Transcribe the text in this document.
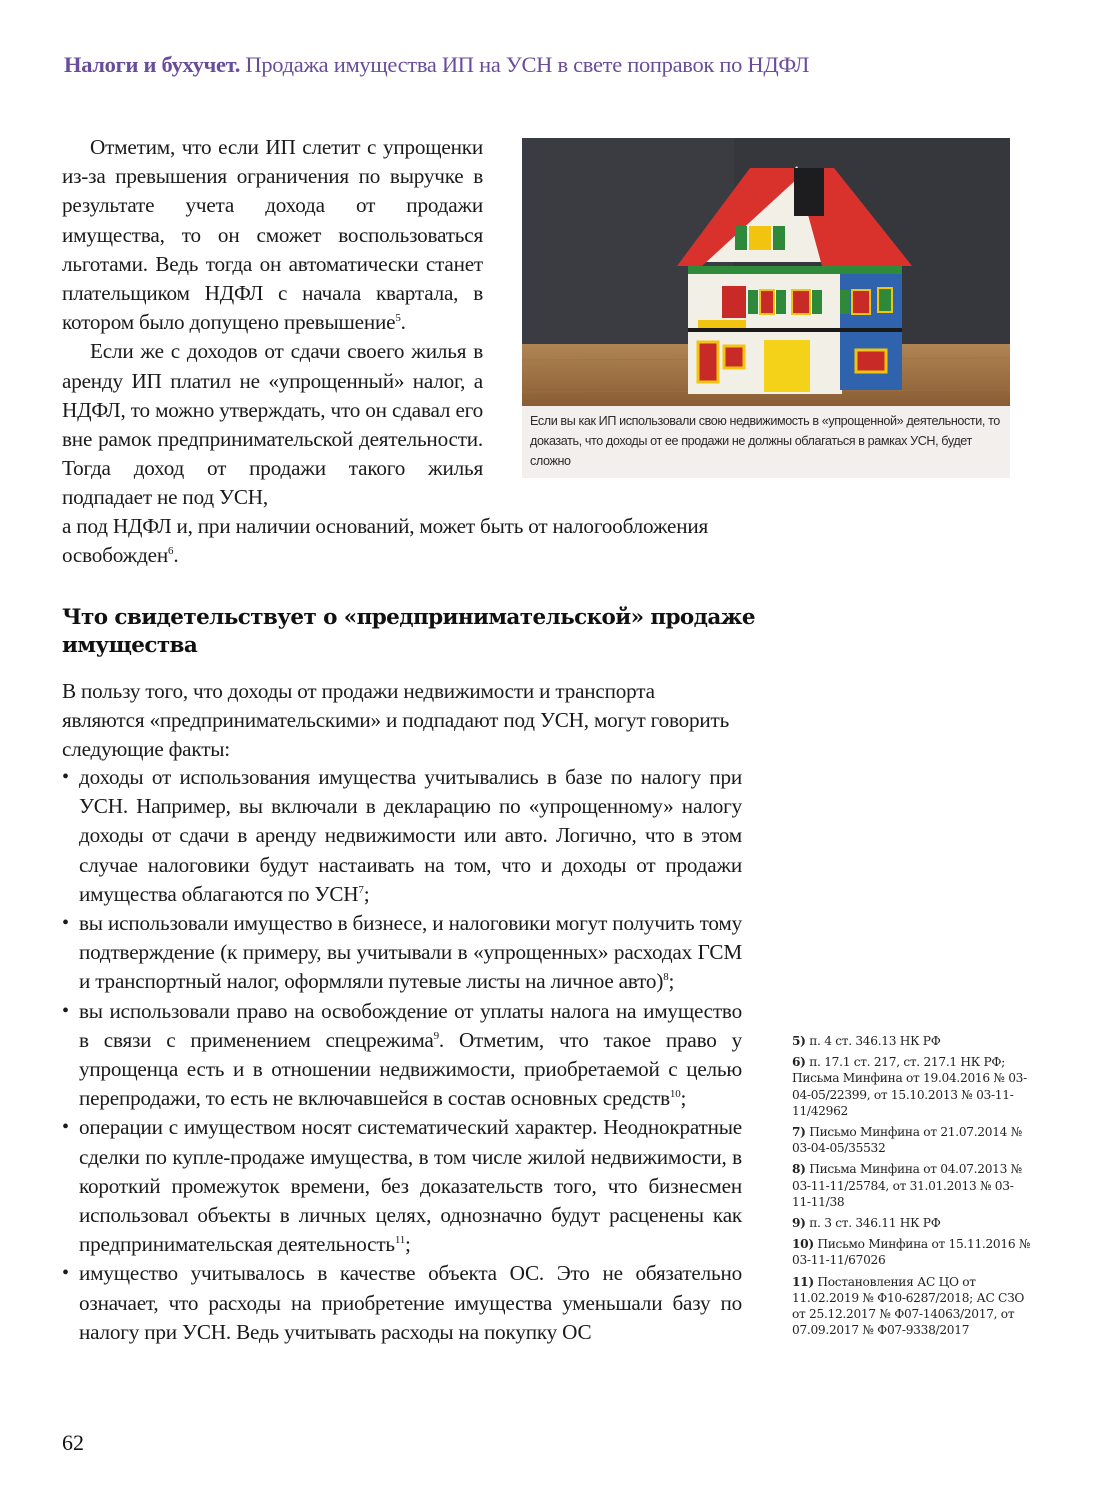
Налоги и бухучет. Продажа имущества ИП на УСН в свете поправок по НДФЛ

Отметим, что если ИП слетит с упрощенки из-за превышения ограничения по выручке в результате учета дохода от продажи имущества, то он сможет воспользоваться льготами. Ведь тогда он автоматически станет плательщиком НДФЛ с начала квартала, в котором было допущено превышение$^5$.

Если же с доходов от сдачи своего жилья в аренду ИП платил не «упрощенный» налог, а НДФЛ, то можно утверждать, что он сдавал его вне рамок предпринимательской деятельности. Тогда доход от продажи такого жилья подпадает не под УСН,

а под НДФЛ и, при наличии оснований, может быть от налогообложения освобожден$^6$.

Если вы как ИП использовали свою недвижимость в «упрощенной» деятельности, то доказать, что доходы от ее продажи не должны облагаться в рамках УСН, будет сложно
Что свидетельствует о «предпринимательской» продаже имущества

В пользу того, что доходы от продажи недвижимости и транспорта являются «предпринимательскими» и подпадают под УСН, могут говорить следующие факты:

• доходы от использования имущества учитывались в базе по налогу при УСН. Например, вы включали в декларацию по «упрощенному» налогу доходы от сдачи в аренду недвижимости или авто. Логично, что в этом случае налоговики будут настаивать на том, что и доходы от продажи имущества облагаются по УСН$^7$;
• вы использовали имущество в бизнесе, и налоговики могут получить тому подтверждение (к примеру, вы учитывали в «упрощенных» расходах ГСМ и транспортный налог, оформляли путевые листы на личное авто)$^8$;
• вы использовали право на освобождение от уплаты налога на имущество в связи с применением спецрежима$^9$. Отметим, что такое право у упрощенца есть и в отношении недвижимости, приобретаемой с целью перепродажи, то есть не включавшейся в состав основных средств$^{10}$;
• операции с имуществом носят систематический характер. Неоднократные сделки по купле-продаже имущества, в том числе жилой недвижимости, в короткий промежуток времени, без доказательств того, что бизнесмен использовал объекты в личных целях, однозначно будут расценены как предпринимательская деятельность$^{11}$;
• имущество учитывалось в качестве объекта ОС. Это не обязательно означает, что расходы на приобретение имущества уменьшали базу по налогу при УСН. Ведь учитывать расходы на покупку ОС

5) п. 4 ст. 346.13 НК РФ

6) п. 17.1 ст. 217, ст. 217.1 НК РФ; Письма Минфина от 19.04.2016 № 03-04-05/22399, от 15.10.2013 № 03-11-11/42962

7) Письмо Минфина от 21.07.2014 № 03-04-05/35532

8) Письма Минфина от 04.07.2013 № 03-11-11/25784, от 31.01.2013 № 03-11-11/38

9) п. 3 ст. 346.11 НК РФ

10) Письмо Минфина от 15.11.2016 № 03-11-11/67026

11) Постановления АС ЦО от 11.02.2019 № Ф10-6287/2018; АС СЗО от 25.12.2017 № Ф07-14063/2017, от 07.09.2017 № Ф07-9338/2017

62
